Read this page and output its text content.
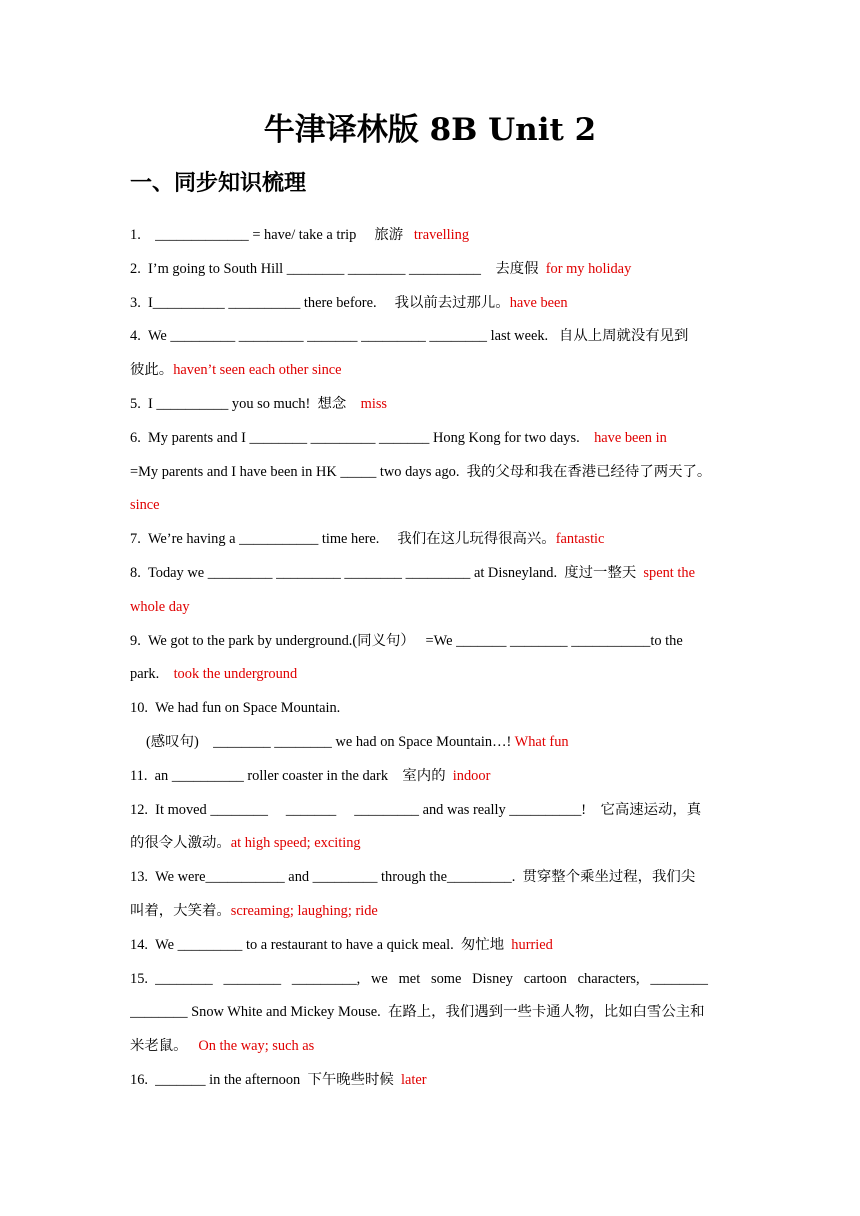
牛津译林版 8B Unit 2
一、同步知识梳理
1.    _____________ = have/ take a trip     旅游   travelling
2.  I’m going to South Hill ________ ________ __________    去度假  for my holiday
3.  I__________ __________ there before.     我以前去过那儿。have been
4.  We _________ _________ _______ _________ ________ last week.   自从上周就没有见到
彼此。haven’t seen each other since
5.  I __________ you so much!  想念    miss
6.  My parents and I ________ _________ _______ Hong Kong for two days.    have been in
=My parents and I have been in HK _____ two days ago.  我的父母和我在香港已经待了两天了。
since
7.  We’re having a ___________ time here.     我们在这儿玩得很高兴。fantastic
8.  Today we _________ _________ ________ _________ at Disneyland.  度过一整天  spent the
whole day
9.  We got to the park by underground.(同义句）   =We _______ ________ ___________to the
park.    took the underground
10.  We had fun on Space Mountain.
(感叹句)    ________ ________ we had on Space Mountain…! What fun
11.  an __________ roller coaster in the dark    室内的  indoor
12.  It moved ________     _______     _________ and was really __________!    它高速运动，真
的很令人激动。at high speed; exciting
13.  We were___________ and _________ through the_________.  贯穿整个乘坐过程，我们尖
叫着，大笑着。screaming; laughing; ride
14.  We _________ to a restaurant to have a quick meal.  匆忙地  hurried
15.  ________   ________   _________,   we   met   some   Disney   cartoon   characters,   ________
________ Snow White and Mickey Mouse.  在路上，我们遇到一些卡通人物，比如白雪公主和
米老鼠。   On the way; such as
16.  _______ in the afternoon  下午晚些时候  later
